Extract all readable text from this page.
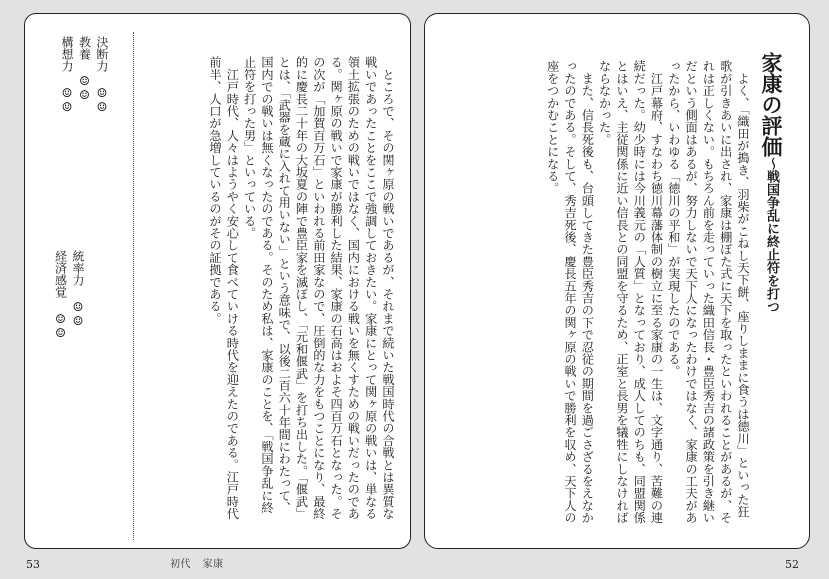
　ところで、その関ヶ原の戦いであるが、それまで続いた戦国時代の合戦とは異質な

戦いであったことをここで強調しておきたい。家康にとって関ヶ原の戦いは、単なる

領土拡張のための戦いではなく、国内における戦いを無くすための戦いだったのであ

る。関ヶ原の戦いで家康が勝利した結果、家康の石高はおよそ四百万石となった。そ

の次が「加賀百万石」といわれる前田家なので、圧倒的な力をもつことになり、最終

的に慶長二十年の大坂夏の陣で豊臣家を滅ぼし、「元和偃武」を打ち出した。「偃武」

とは、「武器を蔵に入れて用いない」という意味で、以後二百六十年間にわたって、

国内での戦いは無くなったのである。そのため私は、家康のことを、「戦国争乱に終

止符を打った男」といっている。

　江戸時代、人々はようやく安心して食べていける時代を迎えたのである。江戸時代

前半、人口が急増しているのがその証拠である。

決断力 ☺☺
教養 ☺☺
構想力 ☺☺
統率力 ☺☺
経済感覚 ☺☺
家康の評価〜戦国争乱に終止符を打つ

　よく、「織田が搗き、羽柴がこねし天下餅、座りしままに食うは徳川」といった狂

歌が引きあいに出され、家康は棚ぼた式に天下を取ったといわれることがあるが、そ

れは正しくない。もちろん前を走っていった織田信長・豊臣秀吉の諸政策を引き継い

だという側面はあるが、努力しないで天下人になったわけではなく、家康の工夫があ

ったから、いわゆる「徳川の平和」が実現したのである。

　江戸幕府、すなわち徳川幕藩体制の樹立に至る家康の一生は、文字通り、苦難の連

続だった。幼少時には今川義元の「人質」となっており、成人してのちも、同盟関係

とはいえ、主従関係に近い信長との同盟を守るため、正室と長男を犠牲にしなければ

ならなかった。

　また、信長死後も、台頭してきた豊臣秀吉の下で忍従の期間を過ごさざるをえなか

ったのである。そして、秀吉死後、慶長五年の関ヶ原の戦いで勝利を収め、天下人の

座をつかむことになる。

53	初代 家康	52
